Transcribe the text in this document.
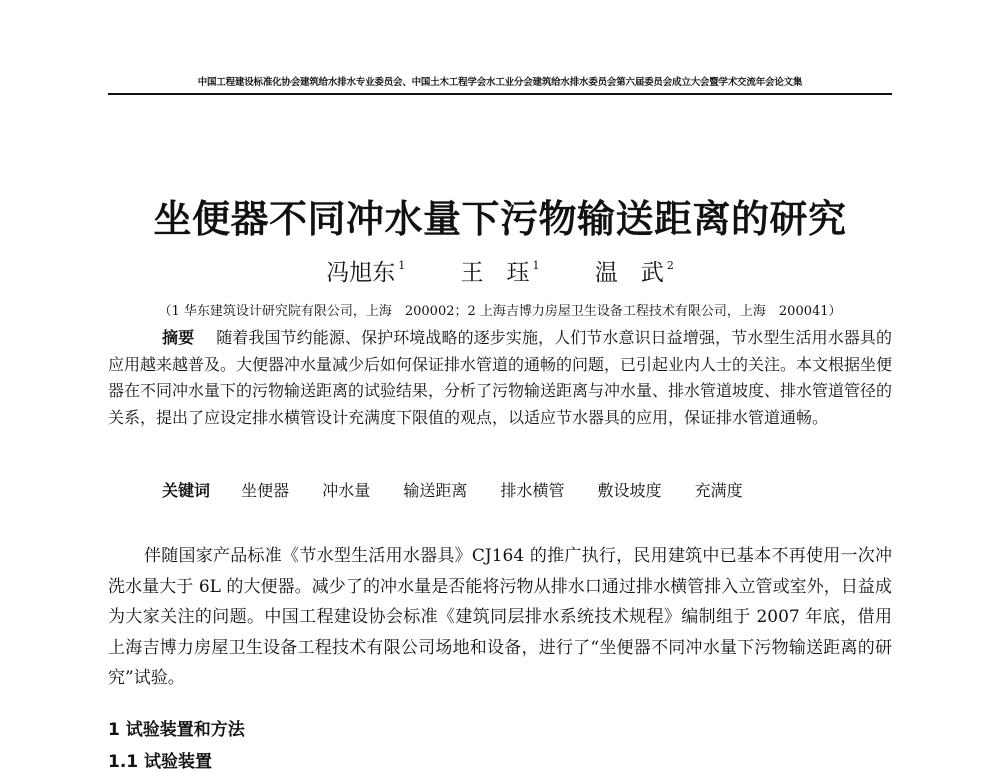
中国工程建设标准化协会建筑给水排水专业委员会、中国土木工程学会水工业分会建筑给水排水委员会第六届委员会成立大会暨学术交流年会论文集
坐便器不同冲水量下污物输送距离的研究
冯旭东 $^1$ 王　珏 $^1$ 温　武 $^2$
（1 华东建筑设计研究院有限公司，上海　200002；2 上海吉博力房屋卫生设备工程技术有限公司，上海　200041）
摘要 随着我国节约能源、保护环境战略的逐步实施，人们节水意识日益增强，节水型生活用水器具的应用越来越普及。大便器冲水量减少后如何保证排水管道的通畅的问题，已引起业内人士的关注。本文根据坐便器在不同冲水量下的污物输送距离的试验结果，分析了污物输送距离与冲水量、排水管道坡度、排水管道管径的关系，提出了应设定排水横管设计充满度下限值的观点，以适应节水器具的应用，保证排水管道通畅。
关键词 坐便器 冲水量 输送距离 排水横管 敷设坡度 充满度
伴随国家产品标准《节水型生活用水器具》CJ164 的推广执行，民用建筑中已基本不再使用一次冲洗水量大于 6L 的大便器。减少了的冲水量是否能将污物从排水口通过排水横管排入立管或室外，日益成为大家关注的问题。中国工程建设协会标准《建筑同层排水系统技术规程》编制组于 2007 年底，借用上海吉博力房屋卫生设备工程技术有限公司场地和设备，进行了“坐便器不同冲水量下污物输送距离的研究”试验。
1 试验装置和方法
1.1 试验装置
